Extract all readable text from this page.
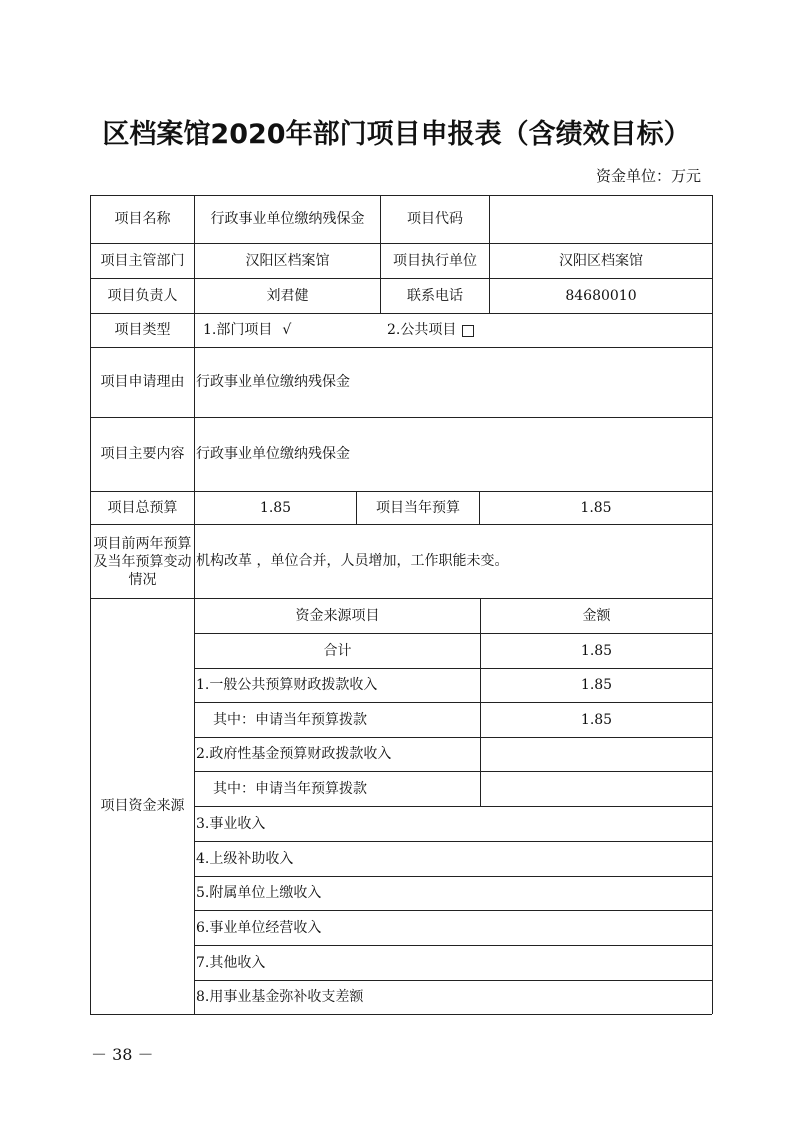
区档案馆2020年部门项目申报表（含绩效目标）
资金单位：万元
项目名称	行政事业单位缴纳残保金	项目代码
项目主管部门	汉阳区档案馆	项目执行单位	汉阳区档案馆
项目负责人	刘君健	联系电话	84680010
项目类型	1.部门项目 √	2.公共项目
项目申请理由 行政事业单位缴纳残保金
项目主要内容 行政事业单位缴纳残保金
项目总预算	1.85	项目当年预算	1.85
项目前两年预算及当年预算变动情况
机构改革 ，单位合并，人员增加，工作职能未变。
项目资金来源
资金来源项目	金额
合计	1.85
1.一般公共预算财政拨款收入	1.85
其中：申请当年预算拨款	1.85
2.政府性基金预算财政拨款收入
其中：申请当年预算拨款
3.事业收入
4.上级补助收入
5.附属单位上缴收入
6.事业单位经营收入
7.其他收入
8.用事业基金弥补收支差额
－ 38 －
